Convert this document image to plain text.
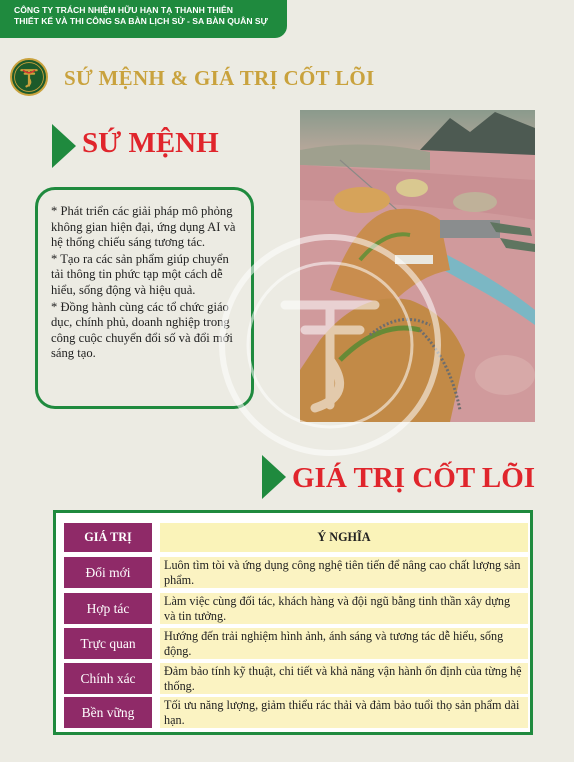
CÔNG TY TRÁCH NHIỆM HỮU HẠN TẠ THANH THIÊN
THIẾT KẾ VÀ THI CÔNG SA BÀN LỊCH SỬ - SA BÀN QUÂN SỰ
SỨ MỆNH & GIÁ TRỊ CỐT LÕI
SỨ MỆNH

* Phát triển các giải pháp mô phỏng không gian hiện đại, ứng dụng AI và hệ thống chiếu sáng tương tác.

* Tạo ra các sản phẩm giúp chuyển tải thông tin phức tạp một cách dễ hiểu, sống động và hiệu quả.

* Đồng hành cùng các tổ chức giáo dục, chính phủ, doanh nghiệp trong công cuộc chuyển đổi số và đổi mới sáng tạo.

GIÁ TRỊ CỐT LÕI
GIÁ TRỊ	Ý NGHĨA
Đổi mới	Luôn tìm tòi và ứng dụng công nghệ tiên tiến để nâng cao chất lượng sản phẩm.
Hợp tác	Làm việc cùng đối tác, khách hàng và đội ngũ bằng tinh thần xây dựng và tin tưởng.
Trực quan	Hướng đến trải nghiệm hình ảnh, ánh sáng và tương tác dễ hiểu, sống động.
Chính xác	Đảm bảo tính kỹ thuật, chi tiết và khả năng vận hành ổn định của từng hệ thống.
Bền vững	Tối ưu năng lượng, giảm thiểu rác thải và đảm bảo tuổi thọ sản phẩm dài hạn.
